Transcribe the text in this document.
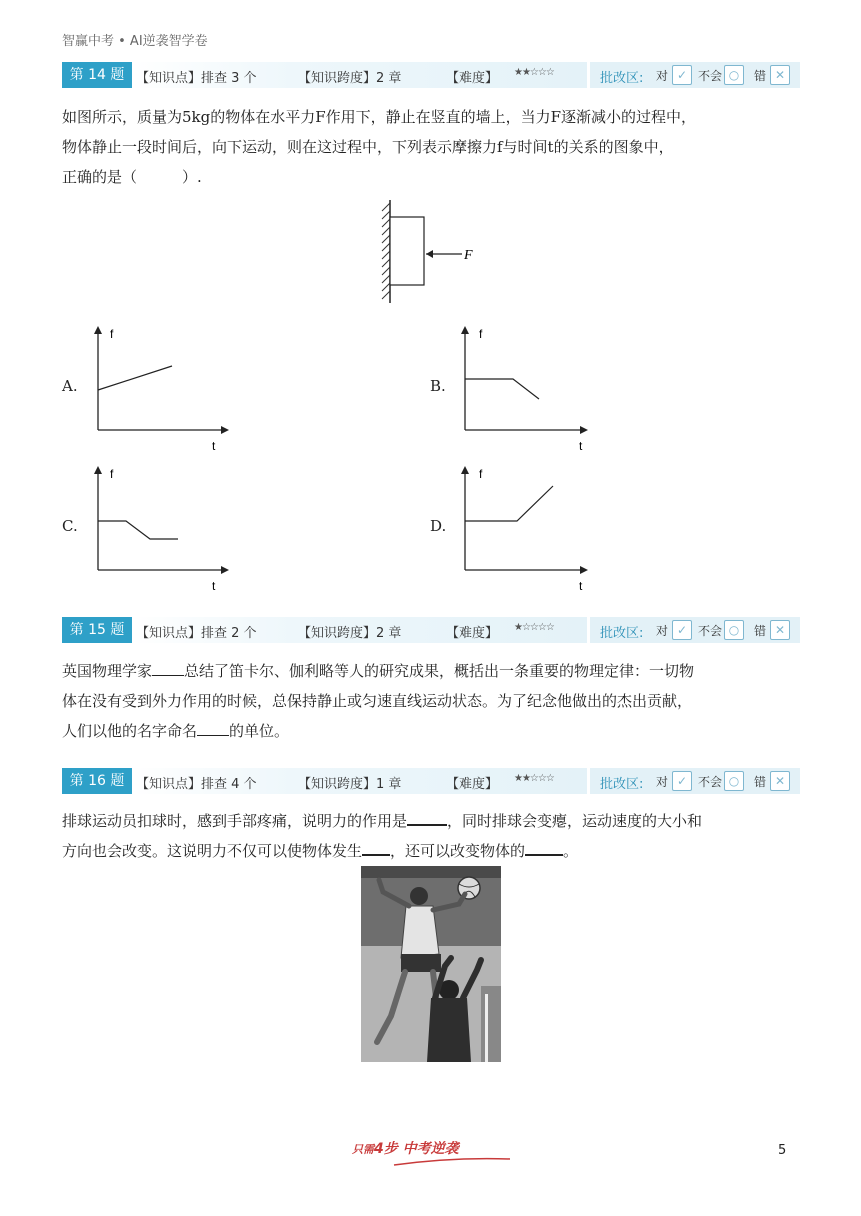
智赢中考 • AI逆袭智学卷
第 14 题 【知识点】排查 3 个	【知识跨度】2 章	【难度】 ★★☆☆☆	批改区: 对 ✓ 不会 ○	错 ✕
如图所示，质量为5kg的物体在水平力F作用下，静止在竖直的墙上，当力F逐渐减小的过程中，
物体静止一段时间后，向下运动，则在这过程中，下列表示摩擦力f与时间t的关系的图象中，
正确的是（　　　）.
F
A.
f
t
B.
f
t
C.
f
t
D.
f
t
第 15 题 【知识点】排查 2 个	【知识跨度】2 章	【难度】 ★☆☆☆☆	批改区: 对 ✓ 不会 ○	错 ✕
英国物理学家 总结了笛卡尔、伽利略等人的研究成果，概括出一条重要的物理定律：一切物
体在没有受到外力作用的时候，总保持静止或匀速直线运动状态。为了纪念他做出的杰出贡献，
人们以他的名字命名 的单位。
第 16 题 【知识点】排查 4 个	【知识跨度】1 章	【难度】 ★★☆☆☆	批改区: 对 ✓ 不会 ○	错 ✕
排球运动员扣球时，感到手部疼痛，说明力的作用是	，同时排球会变瘪，运动速度的大小和
方向也会改变。这说明力不仅可以使物体发生 ，还可以改变物体的	。
只需4步 中考逆袭	5
